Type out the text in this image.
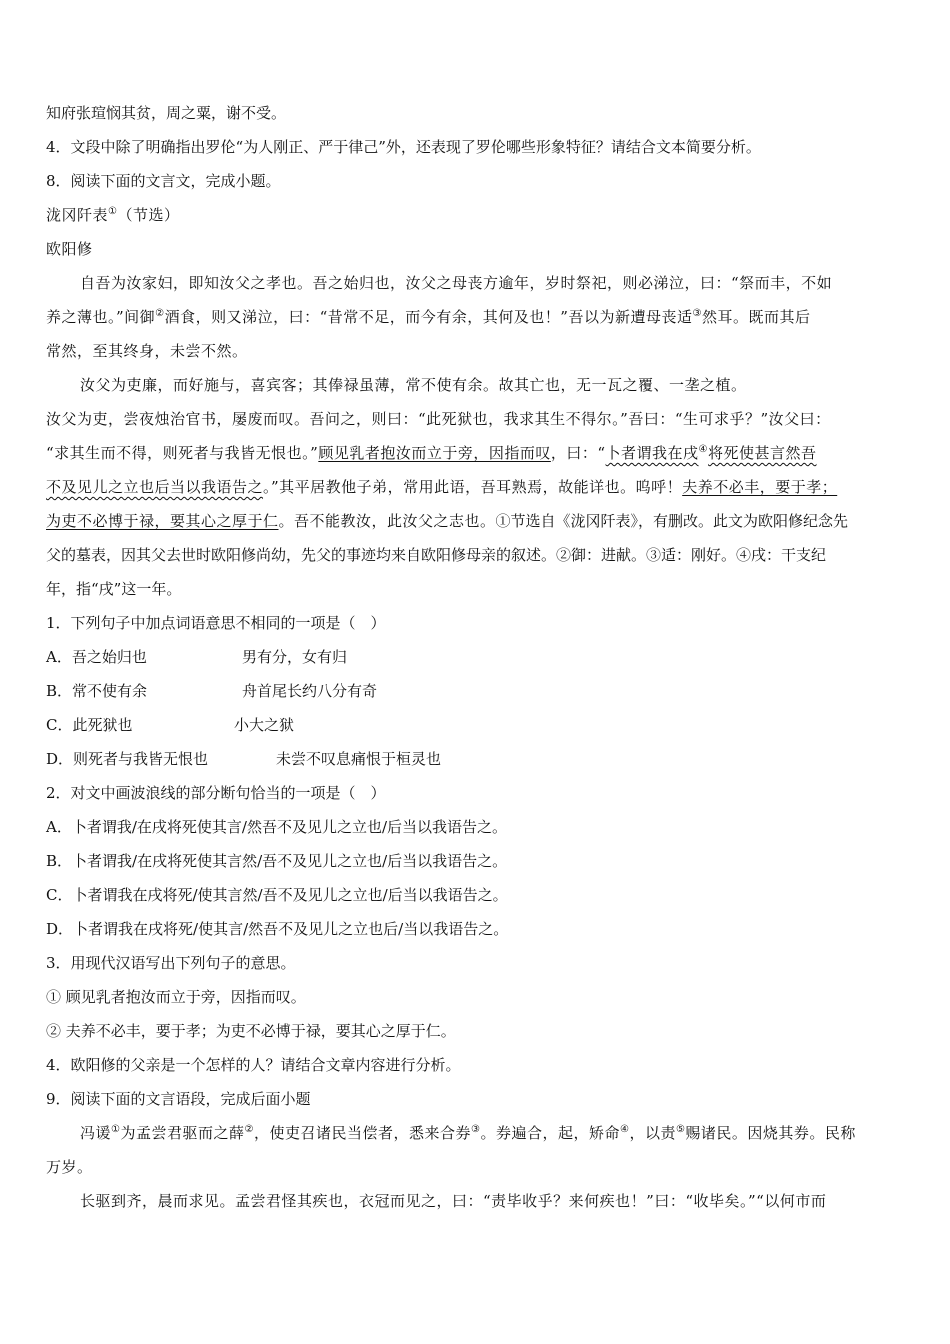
知府张瑄悯其贫，周之粟，谢不受。
4．文段中除了明确指出罗伦“为人刚正、严于律己”外，还表现了罗伦哪些形象特征？请结合文本简要分析。
8．阅读下面的文言文，完成小题。
泷冈阡表①（节选）
欧阳修
自吾为汝家妇，即知汝父之孝也。吾之始归也，汝父之母丧方逾年，岁时祭祀，则必涕泣，曰：“祭而丰，不如
养之薄也。”间御②酒食，则又涕泣，曰：“昔常不足，而今有余，其何及也！”吾以为新遭母丧适③然耳。既而其后
常然，至其终身，未尝不然。
汝父为吏廉，而好施与，喜宾客；其俸禄虽薄，常不使有余。故其亡也，无一瓦之覆、一垄之植。
汝父为吏，尝夜烛治官书，屡废而叹。吾问之，则曰：“此死狱也，我求其生不得尔。”吾曰：“生可求乎？”汝父曰：
“求其生而不得，则死者与我皆无恨也。”顾见乳者抱汝而立于旁，因指而叹，曰：“卜者谓我在戌④将死使甚言然吾
不及见儿之立也后当以我语告之。”其平居教他子弟，常用此语，吾耳熟焉，故能详也。呜呼！夫养不必丰，要于孝；
为吏不必博于禄，要其心之厚于仁。吾不能教汝，此汝父之志也。①节选自《泷冈阡表》，有删改。此文为欧阳修纪念先
父的墓表，因其父去世时欧阳修尚幼，先父的事迹均来自欧阳修母亲的叙述。②御：进献。③适：刚好。④戌：干支纪
年，指“戌”这一年。
1．下列句子中加点词语意思不相同的一项是（　）
A．吾之始归也	男有分，女有归
B．常不使有余	舟首尾长约八分有奇
C．此死狱也	小大之狱
D．则死者与我皆无恨也	未尝不叹息痛恨于桓灵也
2．对文中画波浪线的部分断句恰当的一项是（　）
A．卜者谓我/在戌将死使其言/然吾不及见儿之立也/后当以我语告之。
B．卜者谓我/在戌将死使其言然/吾不及见儿之立也/后当以我语告之。
C．卜者谓我在戌将死/使其言然/吾不及见儿之立也/后当以我语告之。
D．卜者谓我在戌将死/使其言/然吾不及见儿之立也后/当以我语告之。
3．用现代汉语写出下列句子的意思。
① 顾见乳者抱汝而立于旁，因指而叹。
② 夫养不必丰，要于孝；为吏不必博于禄，要其心之厚于仁。
4．欧阳修的父亲是一个怎样的人？请结合文章内容进行分析。
9．阅读下面的文言语段，完成后面小题
冯谖①为孟尝君驱而之薛②，使吏召诸民当偿者，悉来合券③。券遍合，起，矫命④，以责⑤赐诸民。因烧其券。民称
万岁。
长驱到齐，晨而求见。孟尝君怪其疾也，衣冠而见之，曰：“责毕收乎？来何疾也！”曰：“收毕矣。”“以何市而
